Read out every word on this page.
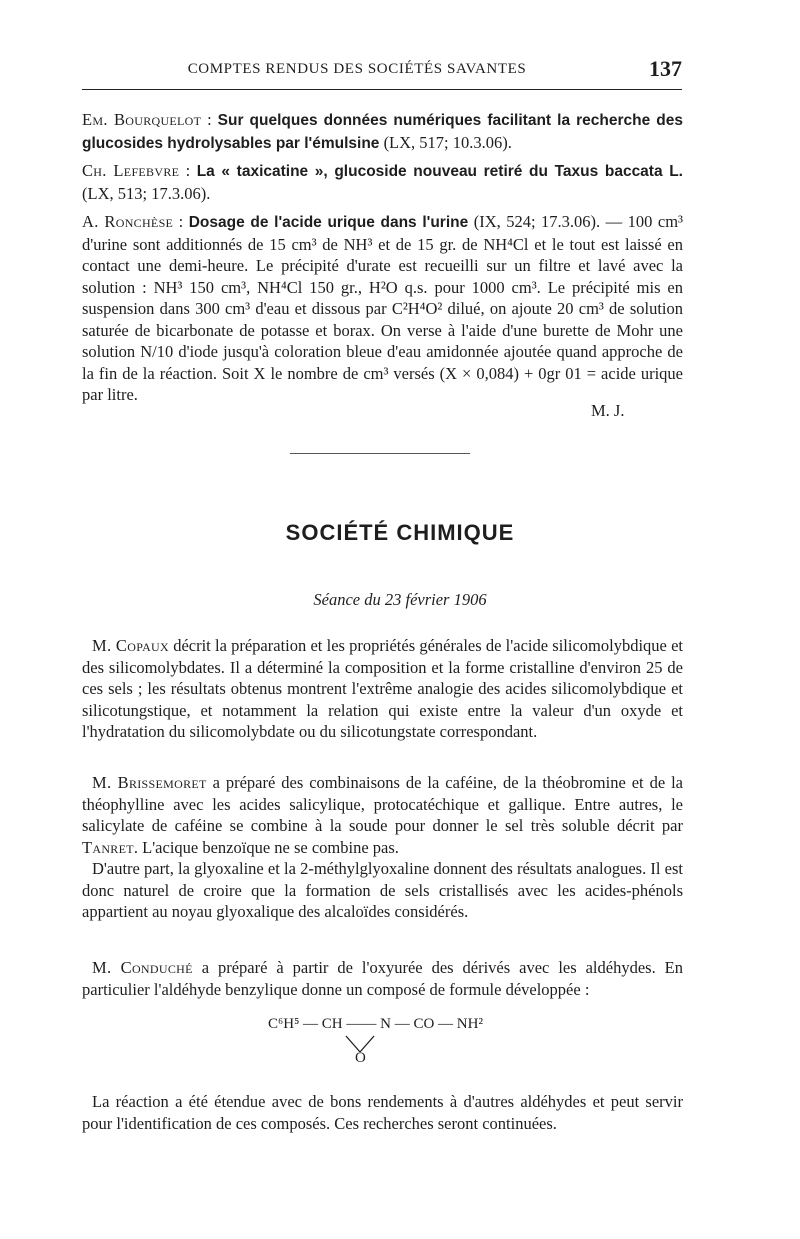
COMPTES RENDUS DES SOCIÉTÉS SAVANTES	137

Em. Bourquelot : Sur quelques données numériques facilitant la recherche des glucosides hydrolysables par l'émulsine (LX, 517; 10.3.06).

Ch. Lefebvre : La « taxicatine », glucoside nouveau retiré du Taxus baccata L. (LX, 513; 17.3.06).

A. Ronchèse : Dosage de l'acide urique dans l'urine (IX, 524; 17.3.06). — 100 cm³ d'urine sont additionnés de 15 cm³ de NH³ et de 15 gr. de NH⁴Cl et le tout est laissé en contact une demi-heure. Le précipité d'urate est recueilli sur un filtre et lavé avec la solution : NH³ 150 cm³, NH⁴Cl 150 gr., H²O q.s. pour 1000 cm³. Le précipité mis en suspension dans 300 cm³ d'eau et dissous par C²H⁴O² dilué, on ajoute 20 cm³ de solution saturée de bicarbonate de potasse et borax. On verse à l'aide d'une burette de Mohr une solution N/10 d'iode jusqu'à coloration bleue d'eau amidonnée ajoutée quand approche de la fin de la réaction. Soit X le nombre de cm³ versés (X × 0,084) + 0gr 01 = acide urique par litre.

M. J.
SOCIÉTÉ CHIMIQUE
Séance du 23 février 1906

M. Copaux décrit la préparation et les propriétés générales de l'acide silicomolybdique et des silicomolybdates. Il a déterminé la composition et la forme cristalline d'environ 25 de ces sels ; les résultats obtenus montrent l'extrême analogie des acides silicomolybdique et silicotungstique, et notamment la relation qui existe entre la valeur d'un oxyde et l'hydratation du silicomolybdate ou du silicotungstate correspondant.

M. Brissemoret a préparé des combinaisons de la caféine, de la théobromine et de la théophylline avec les acides salicylique, protocatéchique et gallique. Entre autres, le salicylate de caféine se combine à la soude pour donner le sel très soluble décrit par Tanret. L'acique benzoïque ne se combine pas.

D'autre part, la glyoxaline et la 2-méthylglyoxaline donnent des résultats analogues. Il est donc naturel de croire que la formation de sels cristallisés avec les acides-phénols appartient au noyau glyoxalique des alcaloïdes considérés.

M. Conduché a préparé à partir de l'oxyurée des dérivés avec les aldéhydes. En particulier l'aldéhyde benzylique donne un composé de formule développée :

C⁶H⁵ — CH —— N — CO — NH²
O

La réaction a été étendue avec de bons rendements à d'autres aldéhydes et peut servir pour l'identification de ces composés. Ces recherches seront continuées.
